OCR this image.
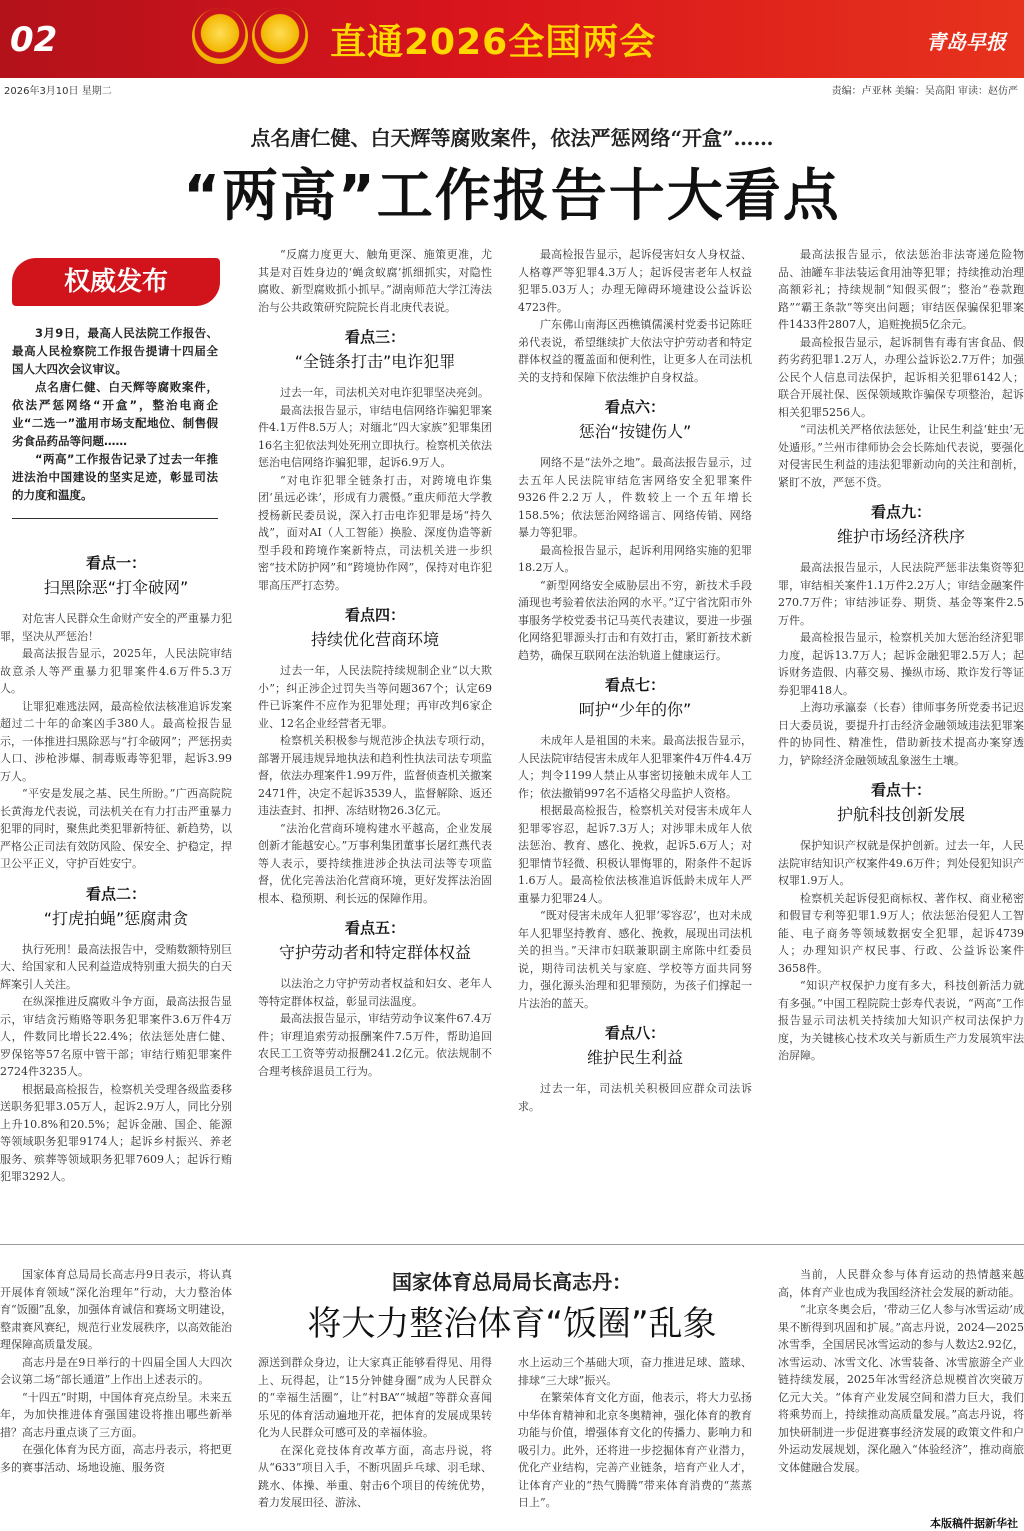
02	直通2026全国两会	青岛早报
2026年3月10日 星期二	责编：卢亚林 美编：吴高阳 审读：赵仿严
点名唐仁健、白天辉等腐败案件，依法严惩网络“开盒”……
“两高”工作报告十大看点
权威发布

3月9日，最高人民法院工作报告、最高人民检察院工作报告提请十四届全国人大四次会议审议。

点名唐仁健、白天辉等腐败案件，依法严惩网络“开盒”，整治电商企业“二选一”滥用市场支配地位、制售假劣食品药品等问题……

“两高”工作报告记录了过去一年推进法治中国建设的坚实足迹，彰显司法的力度和温度。

看点一：
扫黑除恶“打伞破网”

对危害人民群众生命财产安全的严重暴力犯罪，坚决从严惩治！

最高法报告显示，2025年，人民法院审结故意杀人等严重暴力犯罪案件4.6万件5.3万人。

让罪犯难逃法网，最高检依法核准追诉发案超过二十年的命案凶手380人。最高检报告显示，一体推进扫黑除恶与“打伞破网”；严惩拐卖人口、涉枪涉爆、制毒贩毒等犯罪，起诉3.99万人。

“平安是发展之基、民生所盼。”广西高院院长黄海龙代表说，司法机关在有力打击严重暴力犯罪的同时，聚焦此类犯罪新特征、新趋势，以严格公正司法有效防风险、保安全、护稳定，捍卫公平正义，守护百姓安宁。

看点二：
“打虎拍蝇”惩腐肃贪

执行死刑！最高法报告中，受贿数额特别巨大、给国家和人民利益造成特别重大损失的白天辉案引人关注。

在纵深推进反腐败斗争方面，最高法报告显示，审结贪污贿赂等职务犯罪案件3.6万件4万人，件数同比增长22.4%；依法惩处唐仁健、罗保铭等57名原中管干部；审结行贿犯罪案件2724件3235人。

根据最高检报告，检察机关受理各级监委移送职务犯罪3.05万人，起诉2.9万人，同比分别上升10.8%和20.5%；起诉金融、国企、能源等领域职务犯罪9174人；起诉乡村振兴、养老服务、殡葬等领域职务犯罪7609人；起诉行贿犯罪3292人。

“反腐力度更大、触角更深、施策更准，尤其是对百姓身边的‘蝇贪蚁腐’抓细抓实，对隐性腐败、新型腐败抓小抓早。”湖南师范大学江涛法治与公共政策研究院院长肖北庚代表说。

看点三：
“全链条打击”电诈犯罪

过去一年，司法机关对电诈犯罪坚决亮剑。

最高法报告显示，审结电信网络诈骗犯罪案件4.1万件8.5万人；对缅北“四大家族”犯罪集团16名主犯依法判处死刑立即执行。检察机关依法惩治电信网络诈骗犯罪，起诉6.9万人。

“对电诈犯罪全链条打击，对跨境电诈集团‘虽远必诛’，形成有力震慑。”重庆师范大学教授杨新民委员说，深入打击电诈犯罪是场“持久战”，面对AI（人工智能）换脸、深度伪造等新型手段和跨境作案新特点，司法机关进一步织密“技术防护网”和“跨境协作网”，保持对电诈犯罪高压严打态势。

看点四：
持续优化营商环境

过去一年，人民法院持续规制企业“以大欺小”；纠正涉企过罚失当等问题367个；认定69件已诉案件不应作为犯罪处理；再审改判6家企业、12名企业经营者无罪。

检察机关积极参与规范涉企执法专项行动，部署开展违规异地执法和趋利性执法司法专项监督，依法办理案件1.99万件，监督侦查机关撤案2471件，决定不起诉3539人，监督解除、返还违法查封、扣押、冻结财物26.3亿元。

“法治化营商环境构建水平越高，企业发展创新才能越安心。”万事利集团董事长屠红燕代表等人表示，要持续推进涉企执法司法等专项监督，优化完善法治化营商环境，更好发挥法治固根本、稳预期、利长远的保障作用。

看点五：
守护劳动者和特定群体权益

以法治之力守护劳动者权益和妇女、老年人等特定群体权益，彰显司法温度。

最高法报告显示，审结劳动争议案件67.4万件；审理追索劳动报酬案件7.5万件，帮助追回农民工工资等劳动报酬241.2亿元。依法规制不合理考核辞退员工行为。

最高检报告显示，起诉侵害妇女人身权益、人格尊严等犯罪4.3万人；起诉侵害老年人权益犯罪5.03万人；办理无障碍环境建设公益诉讼4723件。

广东佛山南海区西樵镇儒溪村党委书记陈旺弟代表说，希望继续扩大依法守护劳动者和特定群体权益的覆盖面和便利性，让更多人在司法机关的支持和保障下依法维护自身权益。

看点六：
惩治“按键伤人”

网络不是“法外之地”。最高法报告显示，过去五年人民法院审结危害网络安全犯罪案件9326件2.2万人，件数较上一个五年增长158.5%；依法惩治网络谣言、网络传销、网络暴力等犯罪。

最高检报告显示，起诉利用网络实施的犯罪18.2万人。

“新型网络安全威胁层出不穷，新技术手段涌现也考验着依法治网的水平。”辽宁省沈阳市外事服务学校党委书记马英代表建议，要进一步强化网络犯罪源头打击和有效打击，紧盯新技术新趋势，确保互联网在法治轨道上健康运行。

看点七：
呵护“少年的你”

未成年人是祖国的未来。最高法报告显示，人民法院审结侵害未成年人犯罪案件4万件4.4万人；判令1199人禁止从事密切接触未成年人工作；依法撤销997名不适格父母监护人资格。

根据最高检报告，检察机关对侵害未成年人犯罪零容忍，起诉7.3万人；对涉罪未成年人依法惩治、教育、感化、挽救，起诉5.6万人；对犯罪情节轻微、积极认罪悔罪的，附条件不起诉1.6万人。最高检依法核准追诉低龄未成年人严重暴力犯罪24人。

“既对侵害未成年人犯罪‘零容忍’，也对未成年人犯罪坚持教育、感化、挽救，展现出司法机关的担当。”天津市妇联兼职副主席陈中红委员说，期待司法机关与家庭、学校等方面共同努力，强化源头治理和犯罪预防，为孩子们撑起一片法治的蓝天。

看点八：
维护民生利益

过去一年，司法机关积极回应群众司法诉求。

最高法报告显示，依法惩治非法寄递危险物品、油罐车非法装运食用油等犯罪；持续推动治理高额彩礼；持续规制“知假买假”；整治“卷款跑路”“霸王条款”等突出问题；审结医保骗保犯罪案件1433件2807人，追赃挽损5亿余元。

最高检报告显示，起诉制售有毒有害食品、假药劣药犯罪1.2万人，办理公益诉讼2.7万件；加强公民个人信息司法保护，起诉相关犯罪6142人；联合开展社保、医保领域欺诈骗保专项整治，起诉相关犯罪5256人。

“司法机关严格依法惩处，让民生利益‘蛀虫’无处遁形。”兰州市律师协会会长陈灿代表说，要强化对侵害民生利益的违法犯罪新动向的关注和剖析，紧盯不放，严惩不贷。

看点九：
维护市场经济秩序

最高法报告显示，人民法院严惩非法集资等犯罪，审结相关案件1.1万件2.2万人；审结金融案件270.7万件；审结涉证券、期货、基金等案件2.5万件。

最高检报告显示，检察机关加大惩治经济犯罪力度，起诉13.7万人；起诉金融犯罪2.5万人；起诉财务造假、内幕交易、操纵市场、欺诈发行等证券犯罪418人。

上海功承瀛泰（长春）律师事务所党委书记迟日大委员说，要提升打击经济金融领域违法犯罪案件的协同性、精准性，借助新技术提高办案穿透力，铲除经济金融领域乱象滋生土壤。

看点十：
护航科技创新发展

保护知识产权就是保护创新。过去一年，人民法院审结知识产权案件49.6万件；判处侵犯知识产权罪1.9万人。

检察机关起诉侵犯商标权、著作权、商业秘密和假冒专利等犯罪1.9万人；依法惩治侵犯人工智能、电子商务等领域数据安全犯罪，起诉4739人；办理知识产权民事、行政、公益诉讼案件3658件。

“知识产权保护力度有多大，科技创新活力就有多强。”中国工程院院士彭寿代表说，“两高”工作报告显示司法机关持续加大知识产权司法保护力度，为关键核心技术攻关与新质生产力发展筑牢法治屏障。

国家体育总局局长高志丹：
将大力整治体育“饭圈”乱象

国家体育总局局长高志丹9日表示，将认真开展体育领域“深化治理年”行动，大力整治体育“饭圈”乱象，加强体育诚信和赛场文明建设，整肃赛风赛纪，规范行业发展秩序，以高效能治理保障高质量发展。

高志丹是在9日举行的十四届全国人大四次会议第二场“部长通道”上作出上述表示的。

“十四五”时期，中国体育亮点纷呈。未来五年，为加快推进体育强国建设将推出哪些新举措？高志丹重点谈了三方面。

在强化体育为民方面，高志丹表示，将把更多的赛事活动、场地设施、服务资

源送到群众身边，让大家真正能够看得见、用得上、玩得起，让“15分钟健身圈”成为人民群众的“幸福生活圈”，让“村BA”“城超”等群众喜闻乐见的体育活动遍地开花，把体育的发展成果转化为人民群众可感可及的幸福体验。

在深化竞技体育改革方面，高志丹说，将从“633”项目入手，不断巩固乒乓球、羽毛球、跳水、体操、举重、射击6个项目的传统优势，着力发展田径、游泳、

水上运动三个基础大项，奋力推进足球、篮球、排球“三大球”振兴。

在繁荣体育文化方面，他表示，将大力弘扬中华体育精神和北京冬奥精神，强化体育的教育功能与价值，增强体育文化的传播力、影响力和吸引力。此外，还将进一步挖掘体育产业潜力，优化产业结构，完善产业链条，培育产业人才，让体育产业的“热气腾腾”带来体育消费的“蒸蒸日上”。

当前，人民群众参与体育运动的热情越来越高，体育产业也成为我国经济社会发展的新动能。

“北京冬奥会后，‘带动三亿人参与冰雪运动’成果不断得到巩固和扩展。”高志丹说，2024—2025冰雪季，全国居民冰雪运动的参与人数达2.92亿，冰雪运动、冰雪文化、冰雪装备、冰雪旅游全产业链持续发展，2025年冰雪经济总规模首次突破万亿元大关。“体育产业发展空间和潜力巨大，我们将乘势而上，持续推动高质量发展。”高志丹说，将加快研制进一步促进赛事经济发展的政策文件和户外运动发展规划，深化融入“体验经济”，推动商旅文体健融合发展。

本版稿件据新华社
